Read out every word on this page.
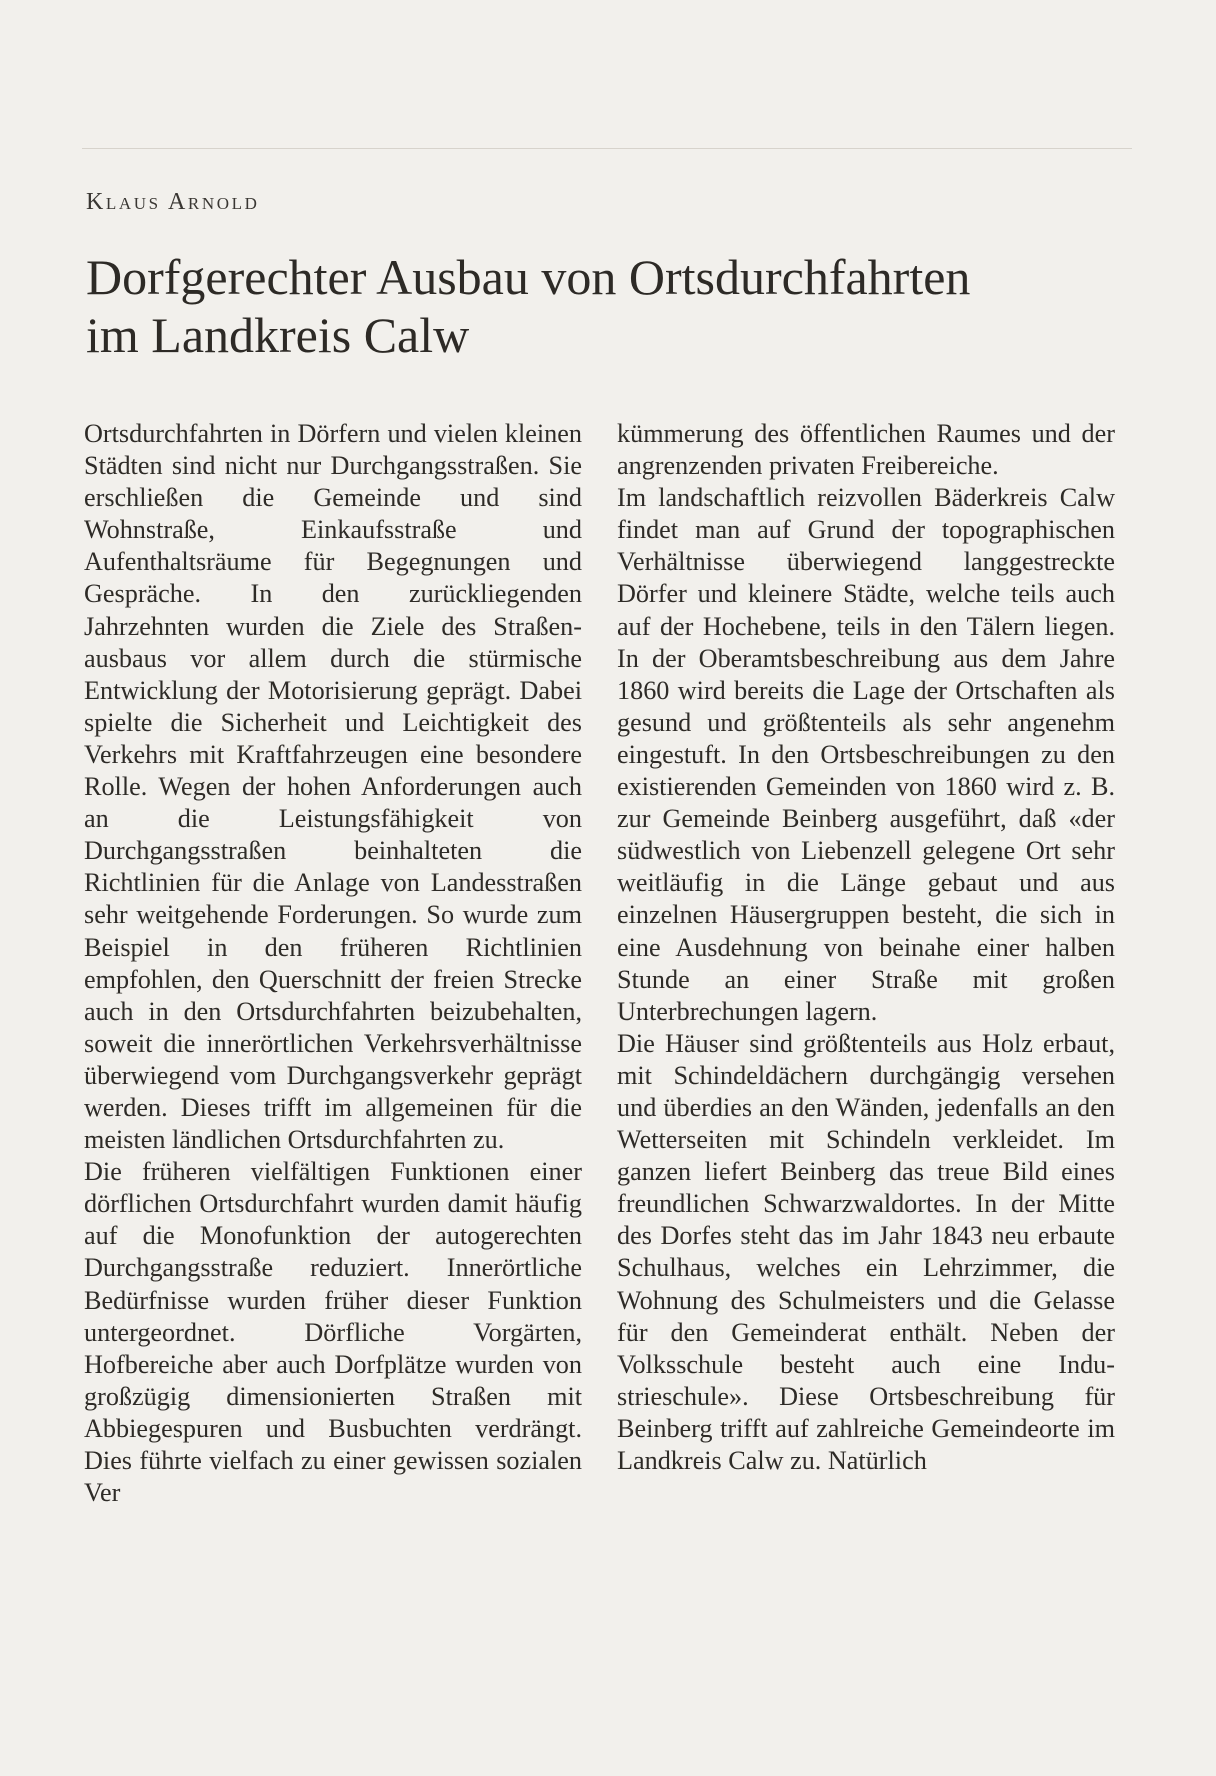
Klaus Arnold
Dorfgerechter Ausbau von Ortsdurchfahrten
im Landkreis Calw

Ortsdurchfahrten in Dörfern und vielen kleinen Städten sind nicht nur Durchgangsstraßen. Sie erschließen die Gemeinde und sind Wohnstraße, Einkaufsstraße und Aufenthaltsräume für Begegnungen und Gespräche. In den zurückliegenden Jahrzehnten wurden die Ziele des Straßenausbaus vor allem durch die stürmische Entwicklung der Motorisierung geprägt. Dabei spielte die Sicherheit und Leichtigkeit des Verkehrs mit Kraftfahrzeugen eine besondere Rolle. Wegen der hohen Anforderungen auch an die Leistungsfähigkeit von Durchgangsstraßen beinhalteten die Richtlinien für die Anlage von Landesstraßen sehr weitgehende Forderungen. So wurde zum Beispiel in den früheren Richtlinien empfohlen, den Querschnitt der freien Strecke auch in den Ortsdurchfahrten beizubehalten, soweit die innerörtlichen Verkehrsverhältnisse überwiegend vom Durchgangsverkehr geprägt werden. Dieses trifft im allgemeinen für die meisten ländlichen Ortsdurchfahrten zu.

Die früheren vielfältigen Funktionen einer dörflichen Ortsdurchfahrt wurden damit häufig auf die Monofunktion der autogerechten Durchgangsstraße reduziert. Innerörtliche Bedürfnisse wurden früher dieser Funktion untergeordnet. Dörfliche Vorgärten, Hofbereiche aber auch Dorfplätze wurden von großzügig dimensionierten Straßen mit Abbiegespuren und Busbuchten verdrängt. Dies führte vielfach zu einer gewissen sozialen Ver

kümmerung des öffentlichen Raumes und der angrenzenden privaten Freibereiche.

Im landschaftlich reizvollen Bäderkreis Calw findet man auf Grund der topographischen Verhältnisse überwiegend langgestreckte Dörfer und kleinere Städte, welche teils auch auf der Hochebene, teils in den Tälern liegen. In der Oberamtsbeschreibung aus dem Jahre 1860 wird bereits die Lage der Ortschaften als gesund und größtenteils als sehr angenehm eingestuft. In den Ortsbeschreibungen zu den existierenden Gemeinden von 1860 wird z. B. zur Gemeinde Beinberg ausgeführt, daß «der südwestlich von Liebenzell gelegene Ort sehr weitläufig in die Länge gebaut und aus einzelnen Häusergruppen besteht, die sich in eine Ausdehnung von beinahe einer halben Stunde an einer Straße mit großen Unterbrechungen lagern.

Die Häuser sind größtenteils aus Holz erbaut, mit Schindeldächern durchgängig versehen und überdies an den Wänden, jedenfalls an den Wetterseiten mit Schindeln verkleidet. Im ganzen liefert Beinberg das treue Bild eines freundlichen Schwarzwaldortes. In der Mitte des Dorfes steht das im Jahr 1843 neu erbaute Schulhaus, welches ein Lehrzimmer, die Wohnung des Schulmeisters und die Gelasse für den Gemeinderat enthält. Neben der Volksschule besteht auch eine Industrieschule». Diese Ortsbeschreibung für Beinberg trifft auf zahlreiche Gemeindeorte im Landkreis Calw zu. Natürlich
